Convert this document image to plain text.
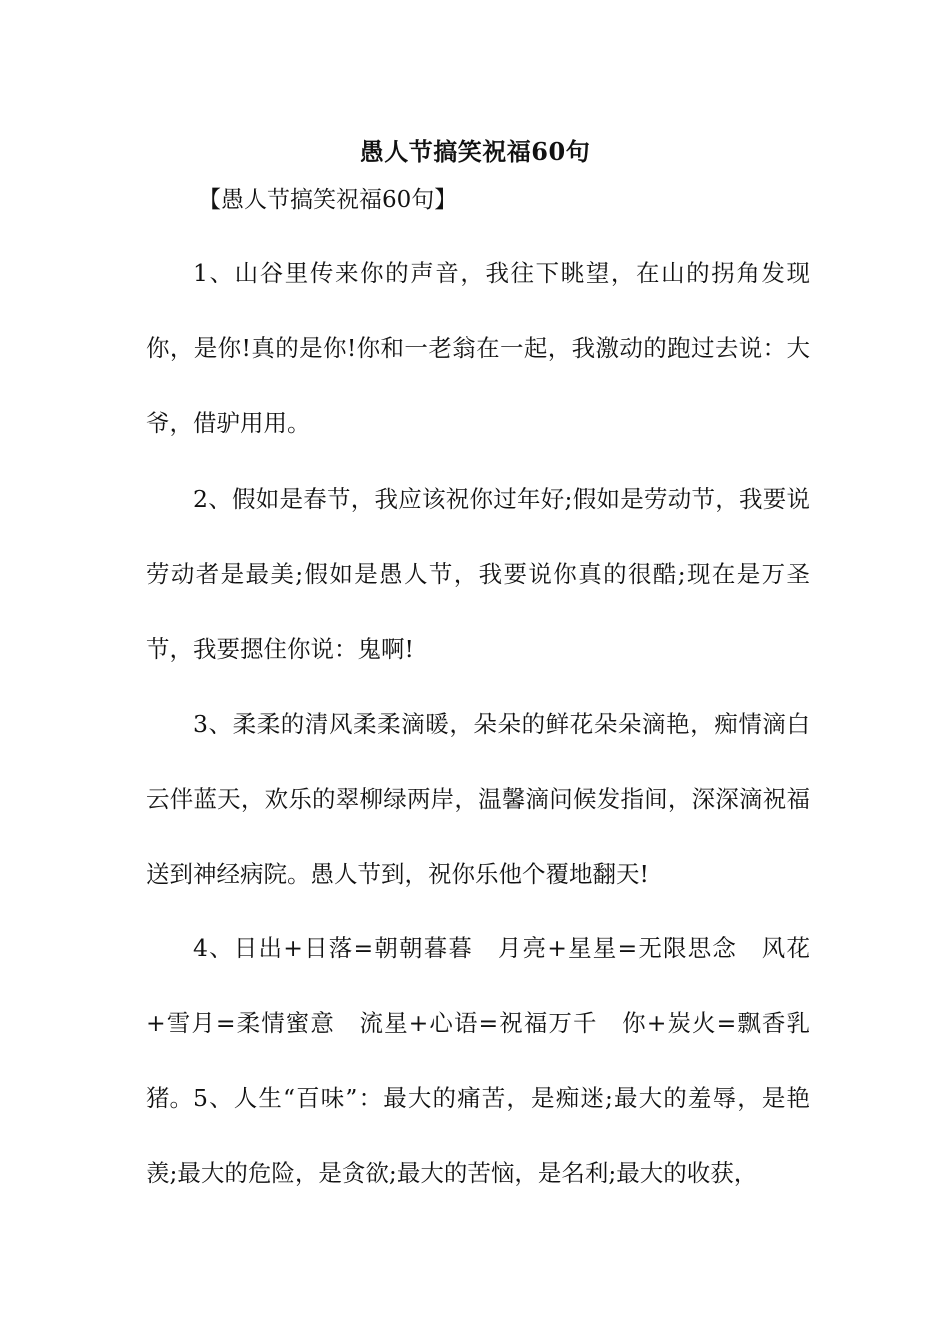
愚人节搞笑祝福60句
【愚人节搞笑祝福60句】

1、山谷里传来你的声音，我往下眺望，在山的拐角发现你，是你!真的是你!你和一老翁在一起，我激动的跑过去说：大爷，借驴用用。

2、假如是春节，我应该祝你过年好;假如是劳动节，我要说劳动者是最美;假如是愚人节，我要说你真的很酷;现在是万圣节，我要摁住你说：鬼啊!

3、柔柔的清风柔柔滴暖，朵朵的鲜花朵朵滴艳，痴情滴白云伴蓝天，欢乐的翠柳绿两岸，温馨滴问候发指间，深深滴祝福送到神经病院。愚人节到，祝你乐他个覆地翻天!

4、日出+日落=朝朝暮暮　月亮+星星=无限思念　风花+雪月=柔情蜜意　流星+心语=祝福万千　你+炭火=飘香乳猪。 5、人生“百味”：最大的痛苦，是痴迷;最大的羞辱，是艳羡;最大的危险，是贪欲;最大的苦恼，是名利;最大的收获，
